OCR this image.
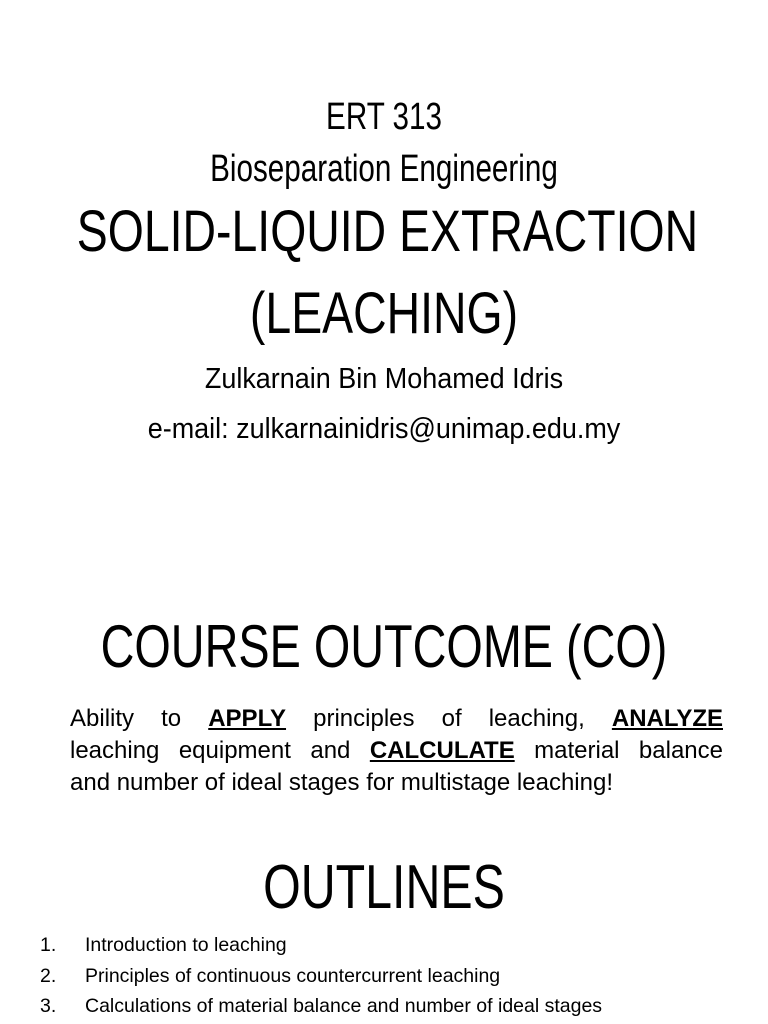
ERT 313
Bioseparation Engineering
SOLID-LIQUID EXTRACTION
(LEACHING)
Zulkarnain Bin Mohamed Idris
e-mail: zulkarnainidris@unimap.edu.my
COURSE OUTCOME (CO)
Ability to APPLY principles of leaching, ANALYZE
leaching equipment and CALCULATE material balance
and number of ideal stages for multistage leaching!
OUTLINES
1.	Introduction to leaching
2.	Principles of continuous countercurrent leaching
3.	Calculations of material balance and number of ideal stages
